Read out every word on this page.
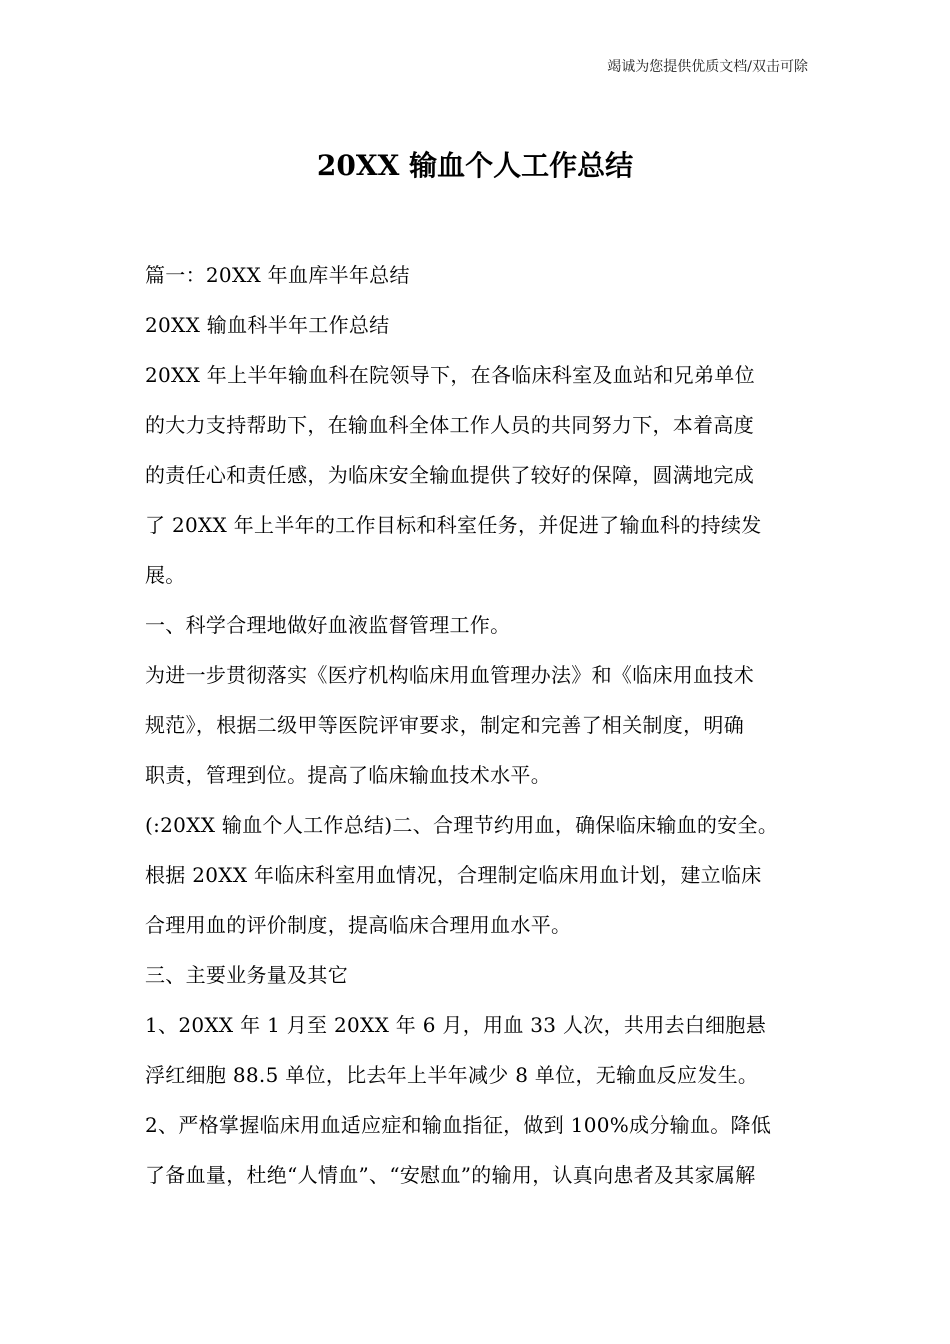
竭诚为您提供优质文档/双击可除
20XX 输血个人工作总结
篇一：20XX 年血库半年总结
20XX 输血科半年工作总结
20XX 年上半年输血科在院领导下，在各临床科室及血站和兄弟单位
的大力支持帮助下，在输血科全体工作人员的共同努力下，本着高度
的责任心和责任感，为临床安全输血提供了较好的保障，圆满地完成
了 20XX 年上半年的工作目标和科室任务，并促进了输血科的持续发
展。
一、科学合理地做好血液监督管理工作。
为进一步贯彻落实《医疗机构临床用血管理办法》和《临床用血技术
规范》，根据二级甲等医院评审要求，制定和完善了相关制度，明确
职责，管理到位。提高了临床输血技术水平。
(:20XX 输血个人工作总结)二、合理节约用血，确保临床输血的安全。
根据 20XX 年临床科室用血情况，合理制定临床用血计划，建立临床
合理用血的评价制度，提高临床合理用血水平。
三、主要业务量及其它
1、20XX 年 1 月至 20XX 年 6 月，用血 33 人次，共用去白细胞悬
浮红细胞 88.5 单位，比去年上半年减少 8 单位，无输血反应发生。
2、严格掌握临床用血适应症和输血指征，做到 100%成分输血。降低
了备血量，杜绝“人情血”、“安慰血”的输用，认真向患者及其家属解
